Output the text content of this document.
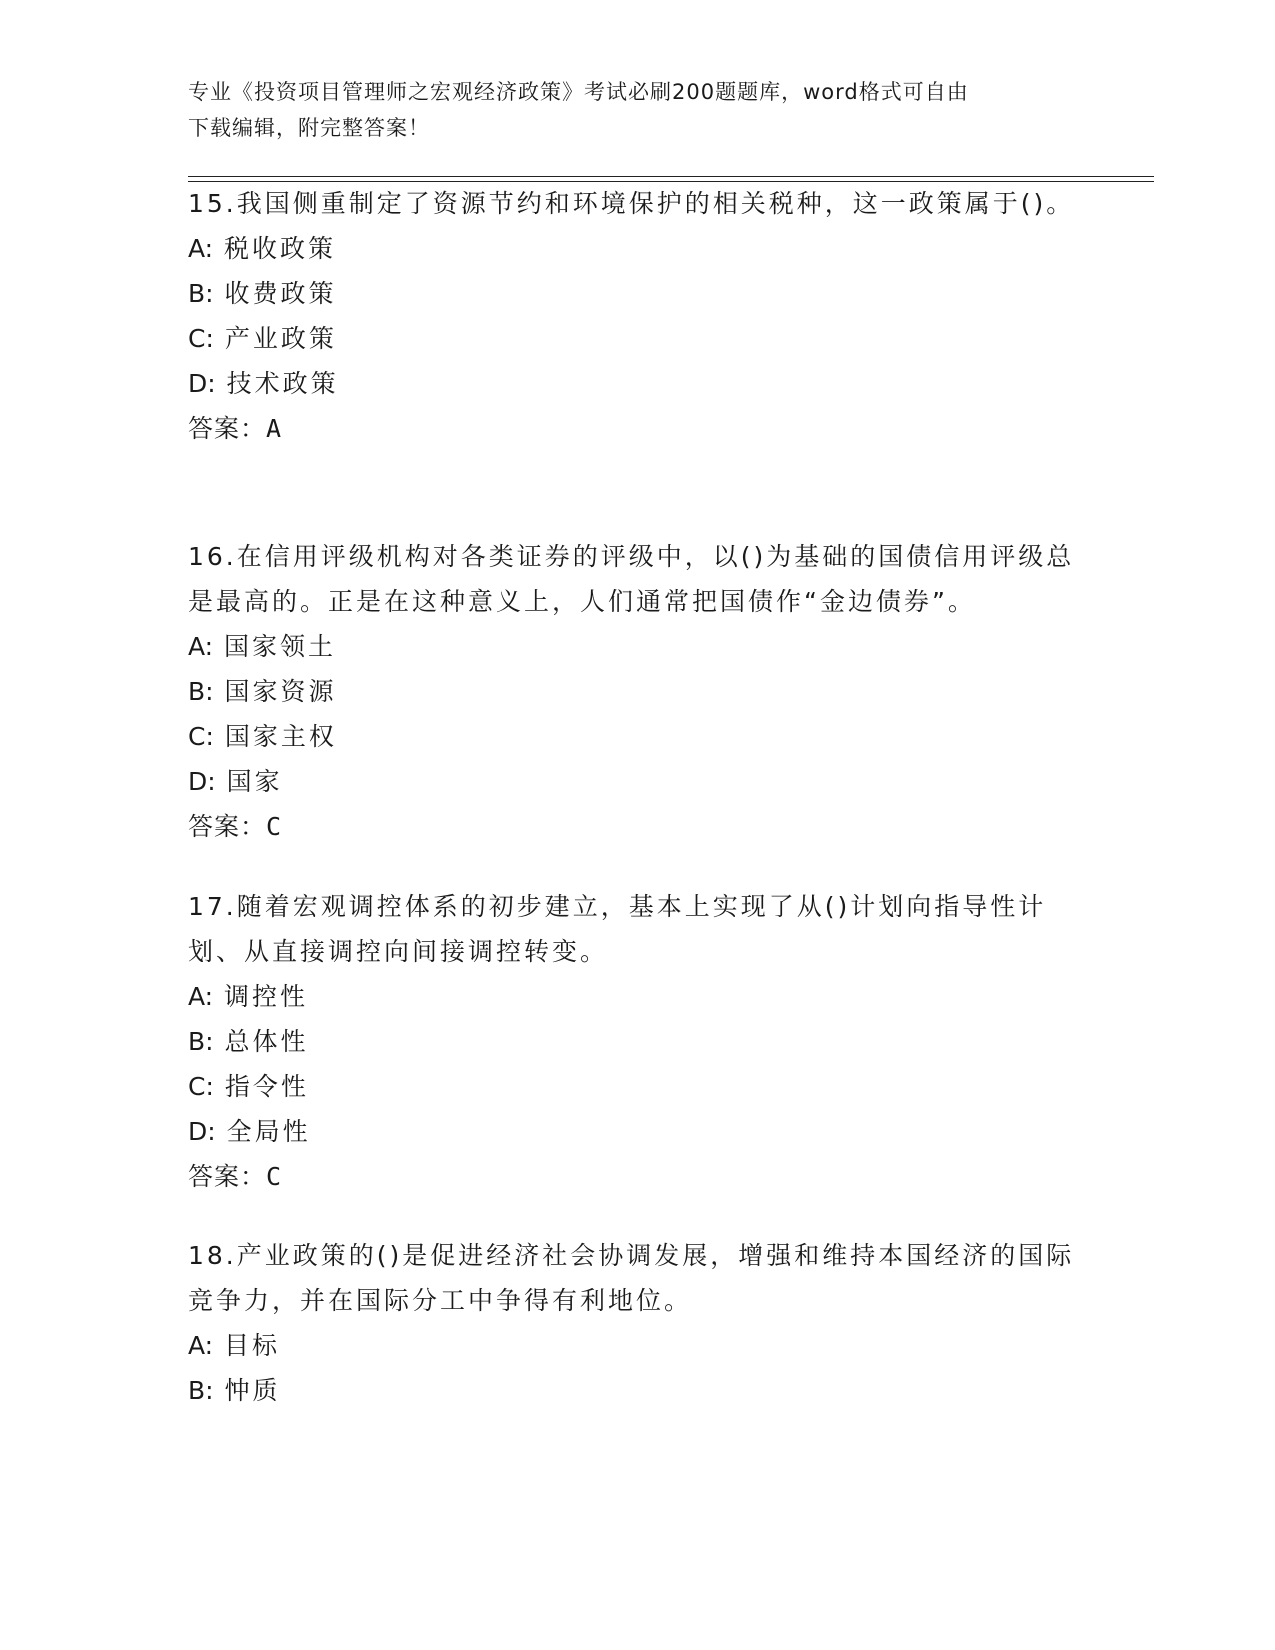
专业《投资项目管理师之宏观经济政策》考试必刷200题题库，word格式可自由
下载编辑，附完整答案！

15.我国侧重制定了资源节约和环境保护的相关税种，这一政策属于()。

A: 税收政策

B: 收费政策

C: 产业政策

D: 技术政策

答案：A

16.在信用评级机构对各类证券的评级中，以()为基础的国债信用评级总是最高的。正是在这种意义上，人们通常把国债作“金边债券”。

A: 国家领土

B: 国家资源

C: 国家主权

D: 国家

答案：C

17.随着宏观调控体系的初步建立，基本上实现了从()计划向指导性计划、从直接调控向间接调控转变。

A: 调控性

B: 总体性

C: 指令性

D: 全局性

答案：C

18.产业政策的()是促进经济社会协调发展，增强和维持本国经济的国际竞争力，并在国际分工中争得有利地位。

A: 目标

B: 忡质
